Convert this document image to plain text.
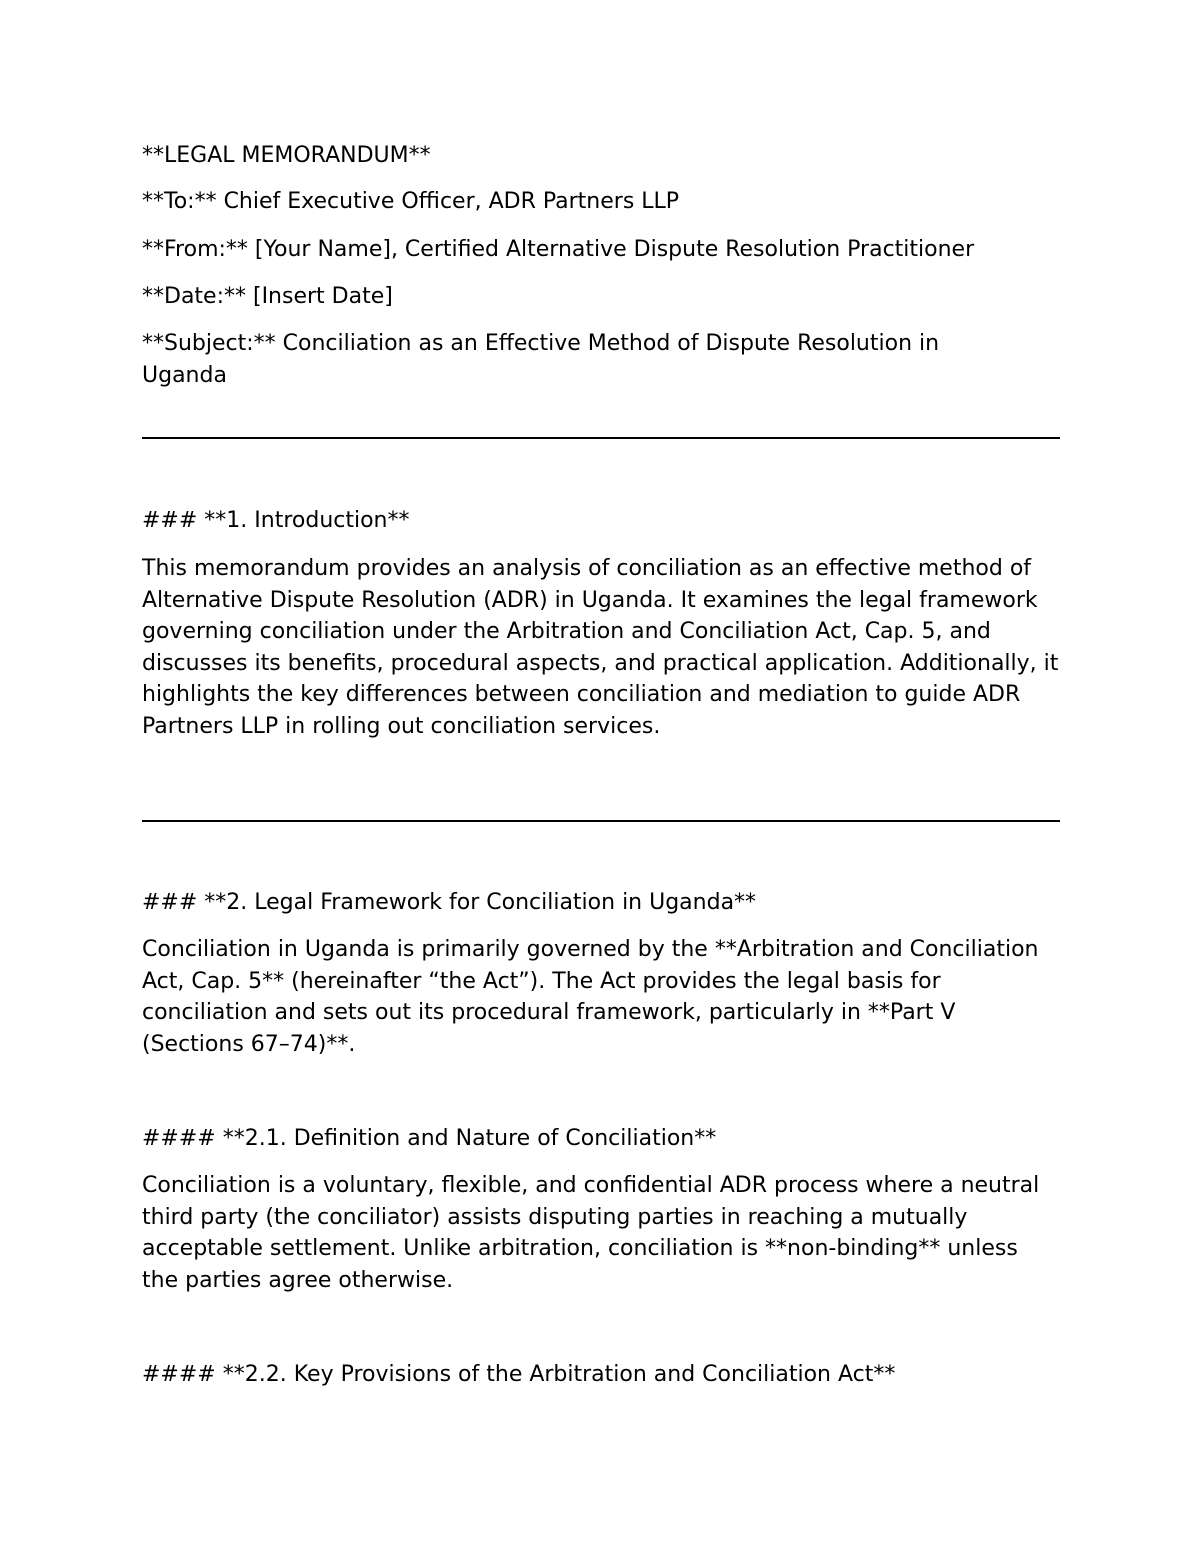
**LEGAL MEMORANDUM**

**To:** Chief Executive Officer, ADR Partners LLP

**From:** [Your Name], Certified Alternative Dispute Resolution Practitioner

**Date:** [Insert Date]

**Subject:** Conciliation as an Effective Method of Dispute Resolution in Uganda

### **1. Introduction**

This memorandum provides an analysis of conciliation as an effective method of Alternative Dispute Resolution (ADR) in Uganda. It examines the legal framework governing conciliation under the Arbitration and Conciliation Act, Cap. 5, and discusses its benefits, procedural aspects, and practical application. Additionally, it highlights the key differences between conciliation and mediation to guide ADR Partners LLP in rolling out conciliation services.

### **2. Legal Framework for Conciliation in Uganda**

Conciliation in Uganda is primarily governed by the **Arbitration and Conciliation Act, Cap. 5** (hereinafter “the Act”). The Act provides the legal basis for conciliation and sets out its procedural framework, particularly in **Part V (Sections 67–74)**.

#### **2.1. Definition and Nature of Conciliation**

Conciliation is a voluntary, flexible, and confidential ADR process where a neutral third party (the conciliator) assists disputing parties in reaching a mutually acceptable settlement. Unlike arbitration, conciliation is **non-binding** unless the parties agree otherwise.

#### **2.2. Key Provisions of the Arbitration and Conciliation Act**
